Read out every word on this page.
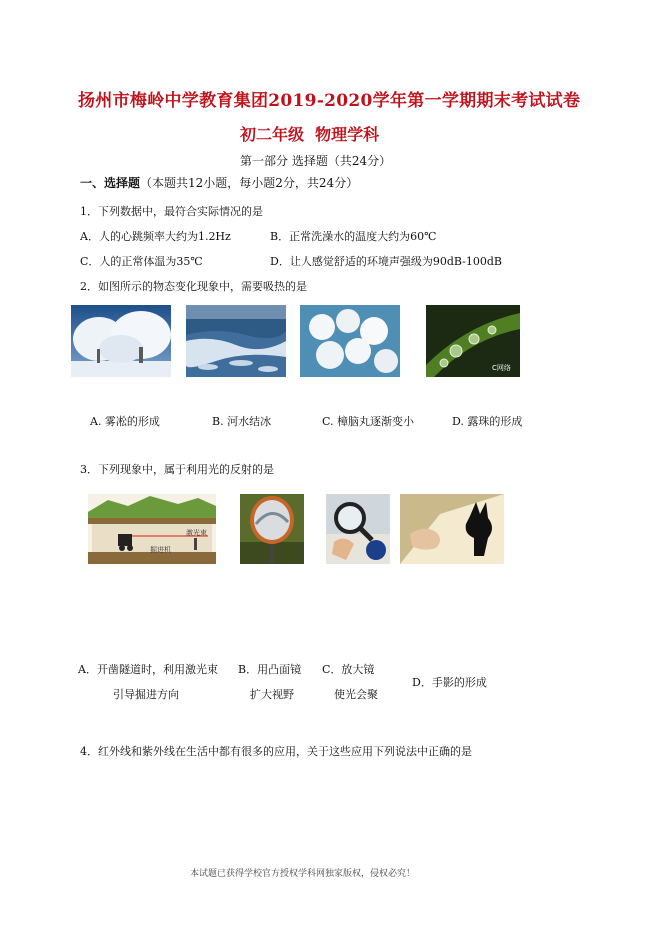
扬州市梅岭中学教育集团2019-2020学年第一学期期末考试试卷
初二年级  物理学科
第一部分 选择题（共24分）
一、选择题（本题共12小题，每小题2分，共24分）
1．下列数据中，最符合实际情况的是
A．人的心跳频率大约为1.2Hz	B．正常洗澡水的温度大约为60℃
C．人的正常体温为35℃	D．让人感觉舒适的环境声强级为90dB-100dB
2．如图所示的物态变化现象中，需要吸热的是
C网络
A. 雾凇的形成	B. 河水结冰	C. 樟脑丸逐渐变小	D. 露珠的形成
3．下列现象中，属于利用光的反射的是
激光束
掘进机
A．开凿隧道时，利用激光束
引导掘进方向
B．用凸面镜
扩大视野
C．放大镜
使光会聚
D．手影的形成
4．红外线和紫外线在生活中都有很多的应用，关于这些应用下列说法中正确的是
本试题已获得学校官方授权学科网独家版权，侵权必究！
